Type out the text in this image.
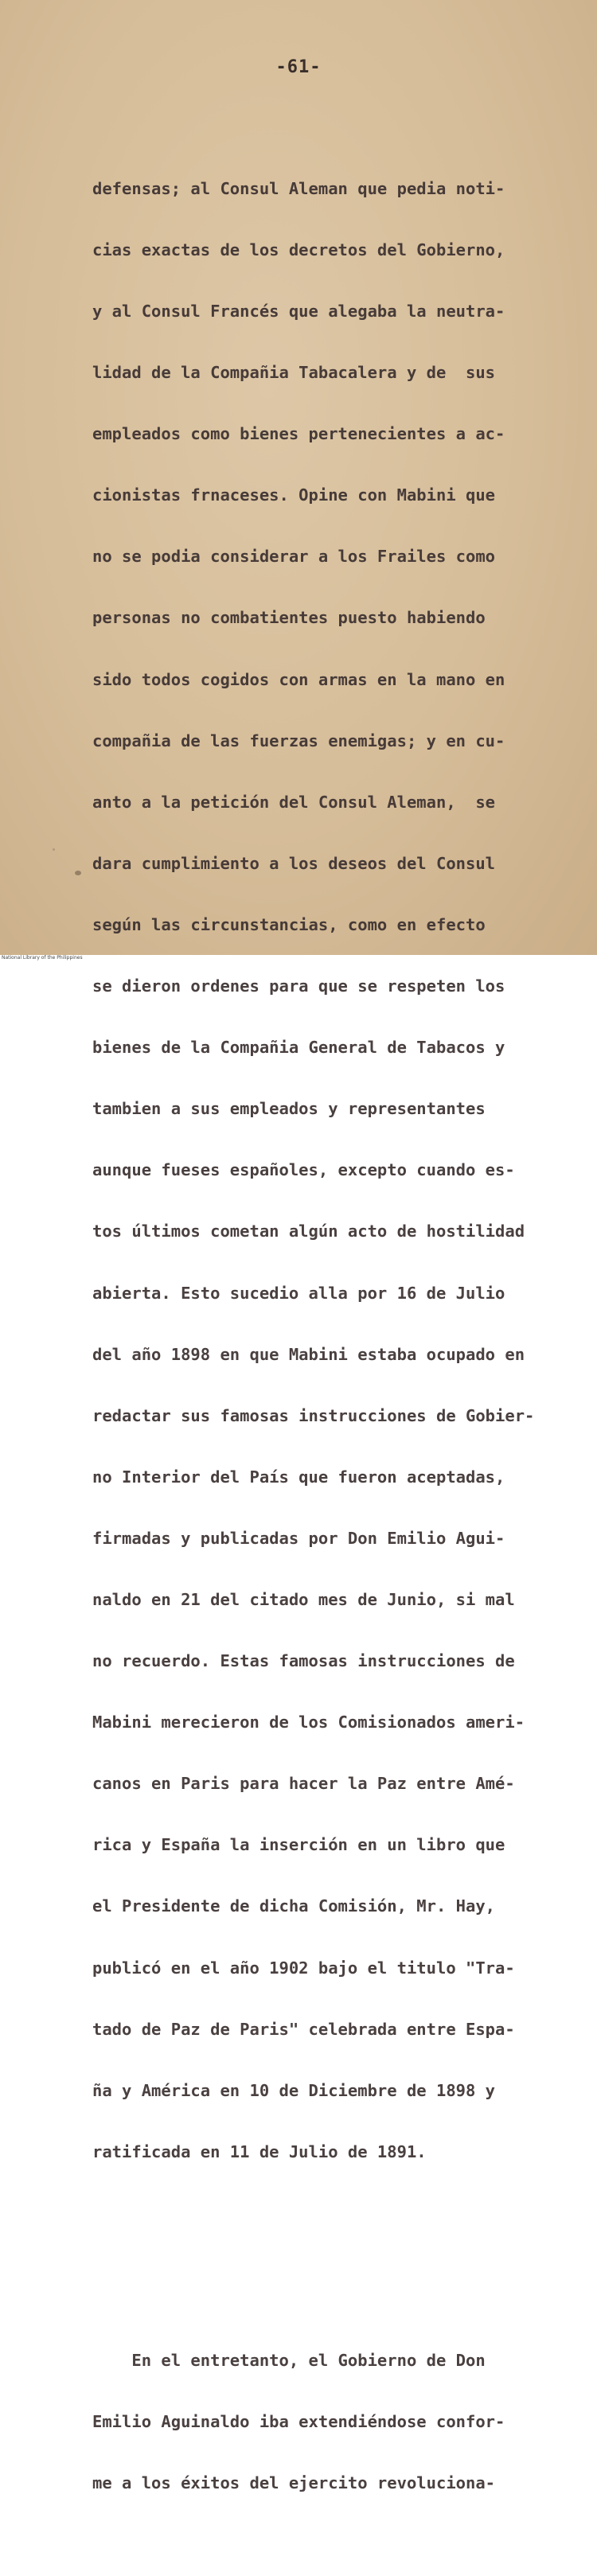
-61-

defensas; al Consul Aleman que pedia noti-

cias exactas de los decretos del Gobierno,

y al Consul Francés que alegaba la neutra-

lidad de la Compañia Tabacalera y de  sus

empleados como bienes pertenecientes a ac-

cionistas frnaceses. Opine con Mabini que

no se podia considerar a los Frailes como

personas no combatientes puesto habiendo

sido todos cogidos con armas en la mano en

compañia de las fuerzas enemigas; y en cu-

anto a la petición del Consul Aleman,  se

dara cumplimiento a los deseos del Consul

según las circunstancias, como en efecto

se dieron ordenes para que se respeten los

bienes de la Compañia General de Tabacos y

tambien a sus empleados y representantes

aunque fueses españoles, excepto cuando es-

tos últimos cometan algún acto de hostilidad

abierta. Esto sucedio alla por 16 de Julio

del año 1898 en que Mabini estaba ocupado en

redactar sus famosas instrucciones de Gobier-

no Interior del País que fueron aceptadas,

firmadas y publicadas por Don Emilio Agui-

naldo en 21 del citado mes de Junio, si mal

no recuerdo. Estas famosas instrucciones de

Mabini merecieron de los Comisionados ameri-

canos en Paris para hacer la Paz entre Amé-

rica y España la inserción en un libro que

el Presidente de dicha Comisión, Mr. Hay,

publicó en el año 1902 bajo el titulo "Tra-

tado de Paz de Paris" celebrada entre Espa-

ña y América en 10 de Diciembre de 1898 y

ratificada en 11 de Julio de 1891.

En el entretanto, el Gobierno de Don

Emilio Aguinaldo iba extendiéndose confor-

me a los éxitos del ejercito revoluciona-

National Library of the Philippines
